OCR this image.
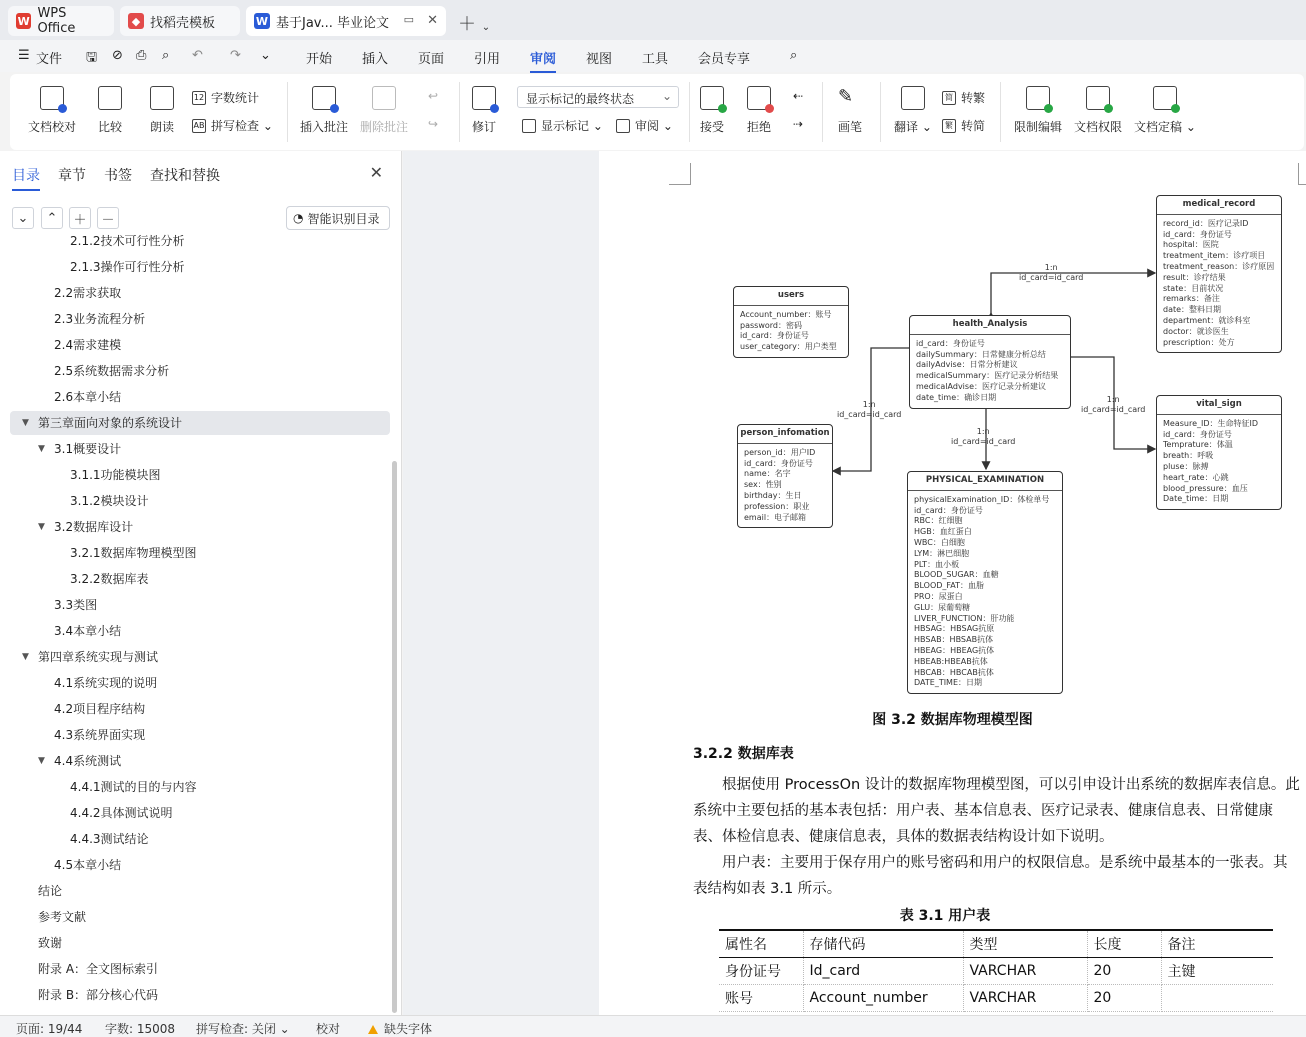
W WPS Office	◆ 找稻壳模板	W 基于Jav... 毕业论文 ▭ ✕ ＋ ⌄
☰ 文件 🖫 ⊘ ⎙ ⌕ ↶ ↷ ⌄	开始 插入 页面 引用 审阅 视图 工具 会员专享	⌕
文档校对 比较 朗读
12 字数统计
AB 拼写检查 ⌄ 插入批注 删除批注
↩
↪	修订
显示标记的最终状态 ⌄
显示标记 ⌄	审阅 ⌄ 接受 拒绝
⇠
⇢
✎
画笔	翻译 ⌄
简 转繁
繁 转简 限制编辑 文档权限 文档定稿 ⌄
目录 章节 书签 查找和替换	✕
⌄	⌃	＋	－	◔ 智能识别目录
2.1.2技术可行性分析
2.1.3操作可行性分析
2.2需求获取
2.3业务流程分析
2.4需求建模
2.5系统数据需求分析
2.6本章小结
▼ 第三章面向对象的系统设计
▼ 3.1概要设计
3.1.1功能模块图
3.1.2模块设计
▼ 3.2数据库设计
3.2.1数据库物理模型图
3.2.2数据库表
3.3类图
3.4本章小结
▼ 第四章系统实现与测试
4.1系统实现的说明
4.2项目程序结构
4.3系统界面实现
▼ 4.4系统测试
4.4.1测试的目的与内容
4.4.2具体测试说明
4.4.3测试结论
4.5本章小结
结论
参考文献
致谢
附录 A：全文图标索引
附录 B：部分核心代码
1:n
id_card=id_card
1:n
id_card=id_card
1:n
id_card=id_card
1:n
id_card=id_card
users
Account_number：账号
password：密码
id_card：身份证号
user_category：用户类型
health_Analysis
id_card：身份证号
dailySummary：日常健康分析总结
dailyAdvise：日常分析建议
medicalSummary：医疗记录分析结果
medicalAdvise：医疗记录分析建议
date_time：确诊日期
medical_record
record_id：医疗记录ID
id_card：身份证号
hospital：医院
treatment_item：诊疗项目
treatment_reason：诊疗原因
result：诊疗结果
state：目前状况
remarks：备注
date：整料日期
department：就诊科室
doctor：就诊医生
prescription：处方
person_infomation
person_id：用户ID
id_card：身份证号
name：名字
sex：性别
birthday：生日
profession：职业
email：电子邮箱
vital_sign
Measure_ID：生命特征ID
id_card：身份证号
Temprature：体温
breath：呼吸
pluse：脉搏
heart_rate：心跳
blood_pressure：血压
Date_time：日期
PHYSICAL_EXAMINATION
physicalExamination_ID：体检单号
id_card：身份证号
RBC：红细胞
HGB：血红蛋白
WBC：白细胞
LYM：淋巴细胞
PLT：血小板
BLOOD_SUGAR：血糖
BLOOD_FAT：血脂
PRO：尿蛋白
GLU：尿葡萄糖
LIVER_FUNCTION：肝功能
HBSAG：HBSAG抗原
HBSAB：HBSAB抗体
HBEAG：HBEAG抗体
HBEAB:HBEAB抗体
HBCAB：HBCAB抗体
DATE_TIME：日期
图 3.2 数据库物理模型图
3.2.2 数据库表
根据使用 ProcessOn 设计的数据库物理模型图，可以引申设计出系统的数据库表信息。此系统中主要包括的基本表包括：用户表、基本信息表、医疗记录表、健康信息表、日常健康表、体检信息表、健康信息表，具体的数据表结构设计如下说明。
用户表：主要用于保存用户的账号密码和用户的权限信息。是系统中最基本的一张表。其表结构如表 3.1 所示。
表 3.1 用户表
属性名	存储代码	类型	长度	备注
身份证号	Id_card	VARCHAR	20	主键
账号	Account_number	VARCHAR	20	
页面: 19/44 字数: 15008 拼写检查: 关闭 ⌄ 校对	缺失字体
